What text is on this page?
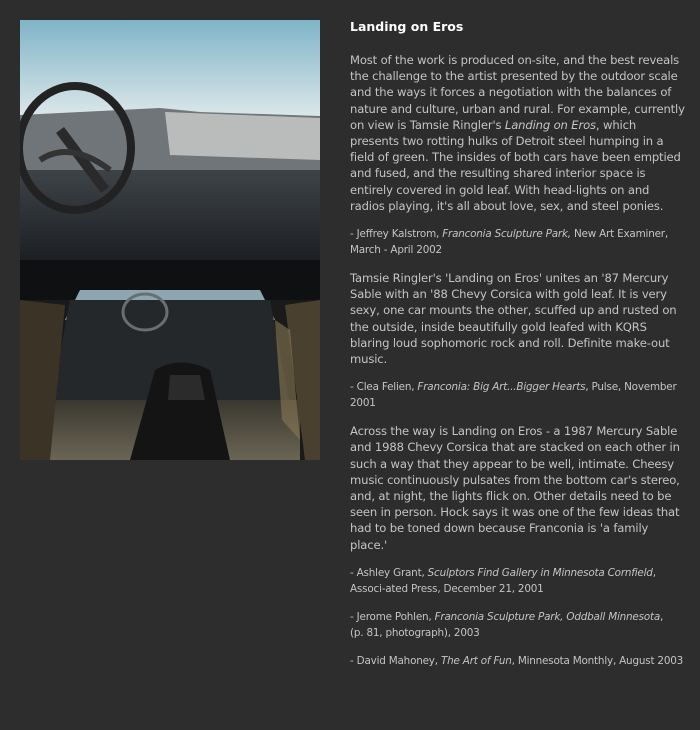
Landing on Eros

Most of the work is produced on-site, and the best reveals the challenge to the artist presented by the outdoor scale and the ways it forces a negotiation with the balances of nature and culture, urban and rural. For example, currently on view is Tamsie Ringler's Landing on Eros, which presents two rotting hulks of Detroit steel humping in a field of green. The insides of both cars have been emptied and fused, and the resulting shared interior space is entirely covered in gold leaf. With head-lights on and radios playing, it's all about love, sex, and steel ponies.

- Jeffrey Kalstrom, Franconia Sculpture Park, New Art Examiner, March - April 2002

Tamsie Ringler's 'Landing on Eros' unites an '87 Mercury Sable with an '88 Chevy Corsica with gold leaf. It is very sexy, one car mounts the other, scuffed up and rusted on the outside, inside beautifully gold leafed with KQRS blaring loud sophomoric rock and roll. Definite make-out music.

- Clea Felien, Franconia: Big Art...Bigger Hearts, Pulse, November 2001

Across the way is Landing on Eros - a 1987 Mercury Sable and 1988 Chevy Corsica that are stacked on each other in such a way that they appear to be well, intimate. Cheesy music continuously pulsates from the bottom car's stereo, and, at night, the lights flick on. Other details need to be seen in person. Hock says it was one of the few ideas that had to be toned down because Franconia is 'a family place.'

- Ashley Grant, Sculptors Find Gallery in Minnesota Cornfield, Associ-ated Press, December 21, 2001

- Jerome Pohlen, Franconia Sculpture Park, Oddball Minnesota,
(p. 81, photograph), 2003

- David Mahoney, The Art of Fun, Minnesota Monthly, August 2003
